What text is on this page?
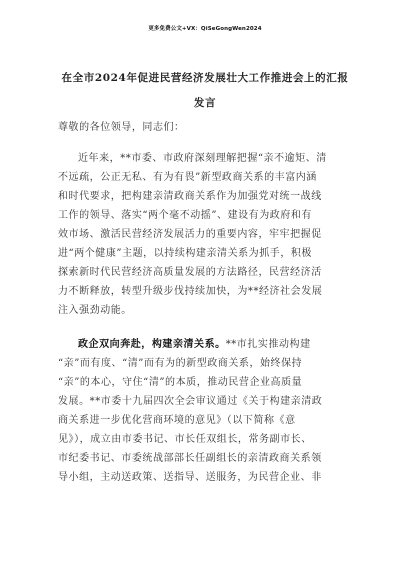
更多免费公文+VX：QiSeGongWen2024
在全市2024年促进民营经济发展壮大工作推进会上的汇报
发言
尊敬的各位领导，同志们：
近年来，**市委、市政府深刻理解把握“亲不逾矩、清
不远疏，公正无私、有为有畏”新型政商关系的丰富内涵
和时代要求，把构建亲清政商关系作为加强党对统一战线
工作的领导、落实“两个毫不动摇”、建设有为政府和有
效市场、激活民营经济发展活力的重要内容，牢牢把握促
进“两个健康”主题，以持续构建亲清关系为抓手，积极
探索新时代民营经济高质量发展的方法路径，民营经济活
力不断释放，转型升级步伐持续加快，为**经济社会发展
注入强劲动能。
政企双向奔赴，构建亲清关系。**市扎实推动构建
“亲”而有度、“清”而有为的新型政商关系，始终保持
“亲”的本心，守住“清”的本质，推动民营企业高质量
发展。**市委十九届四次全会审议通过《关于构建亲清政
商关系进一步优化营商环境的意见》（以下简称《意
见》），成立由市委书记、市长任双组长，常务副市长、
市纪委书记、市委统战部部长任副组长的亲清政商关系领
导小组，主动送政策、送指导、送服务，为民营企业、非
